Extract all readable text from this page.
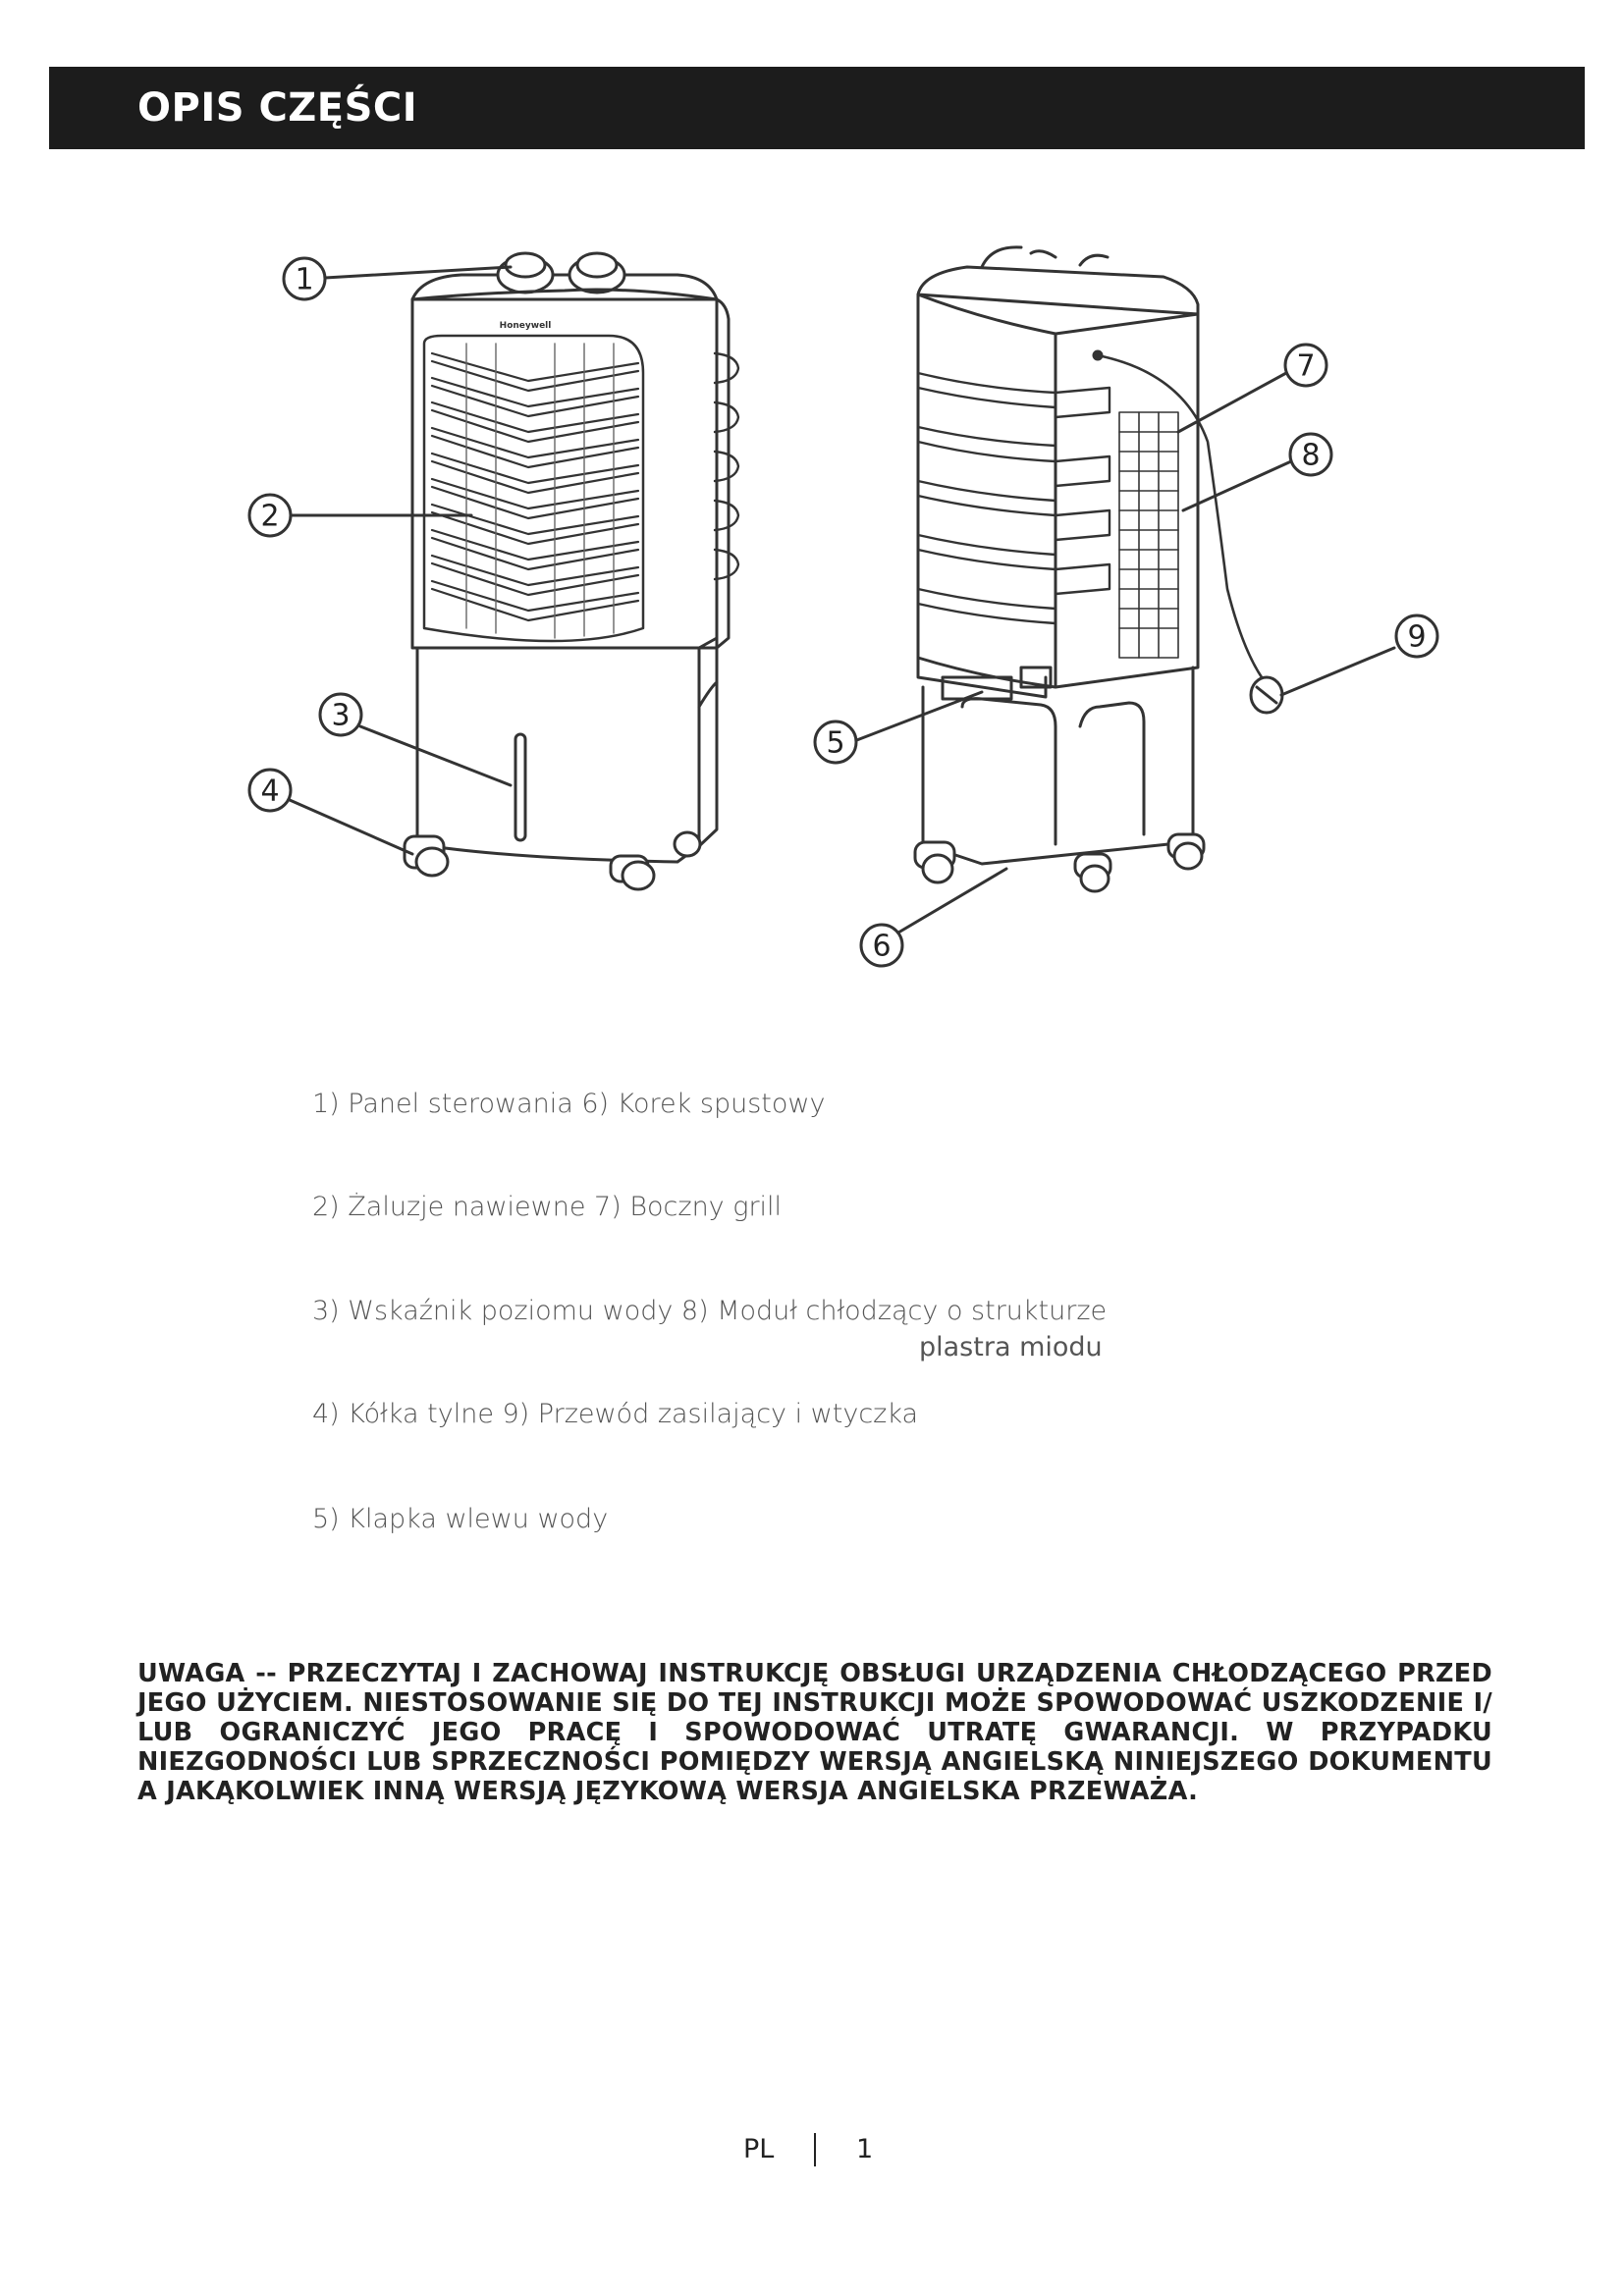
OPIS CZĘŚCI
Honeywell
1
2
3
4
5
6
7
8
9
1) Panel sterowania 6) Korek spustowy
2) Żaluzje nawiewne 7) Boczny grill
3) Wskaźnik poziomu wody 8) Moduł chłodzący o strukturze
plastra miodu
4) Kółka tylne 9) Przewód zasilający i wtyczka
5) Klapka wlewu wody
UWAGA -- PRZECZYTAJ I ZACHOWAJ INSTRUKCJĘ OBSŁUGI URZĄDZENIA CHŁODZĄCEGO PRZED JEGO UŻYCIEM. NIESTOSOWANIE SIĘ DO TEJ INSTRUKCJI MOŻE SPOWODOWAĆ USZKODZENIE I/ LUB OGRANICZYĆ JEGO PRACĘ I SPOWODOWAĆ UTRATĘ GWARANCJI. W PRZYPADKU NIEZGODNOŚCI LUB SPRZECZNOŚCI POMIĘDZY WERSJĄ ANGIELSKĄ NINIEJSZEGO DOKUMENTU A JAKĄKOLWIEK INNĄ WERSJĄ JĘZYKOWĄ WERSJA ANGIELSKA PRZEWAŻA.
PL	1
